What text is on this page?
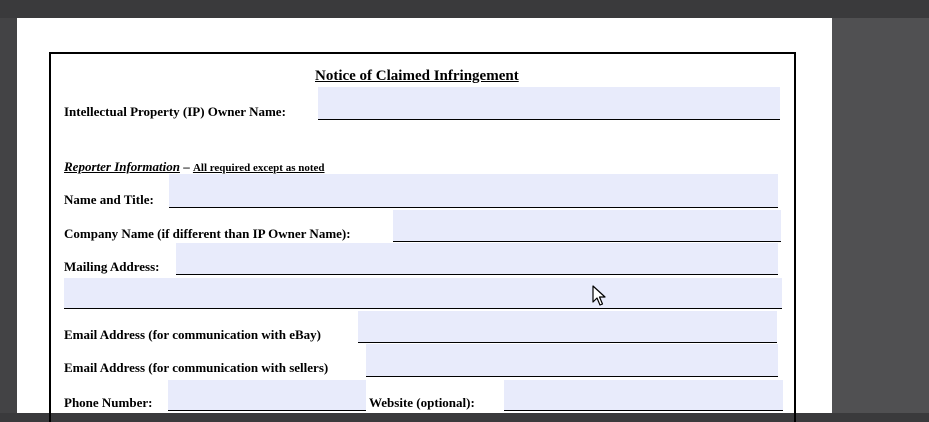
Notice of Claimed Infringement
Intellectual Property (IP) Owner Name:
Reporter Information – All required except as noted
Name and Title:
Company Name (if different than IP Owner Name):
Mailing Address:
Email Address (for communication with eBay)
Email Address (for communication with sellers)
Phone Number:	Website (optional):
